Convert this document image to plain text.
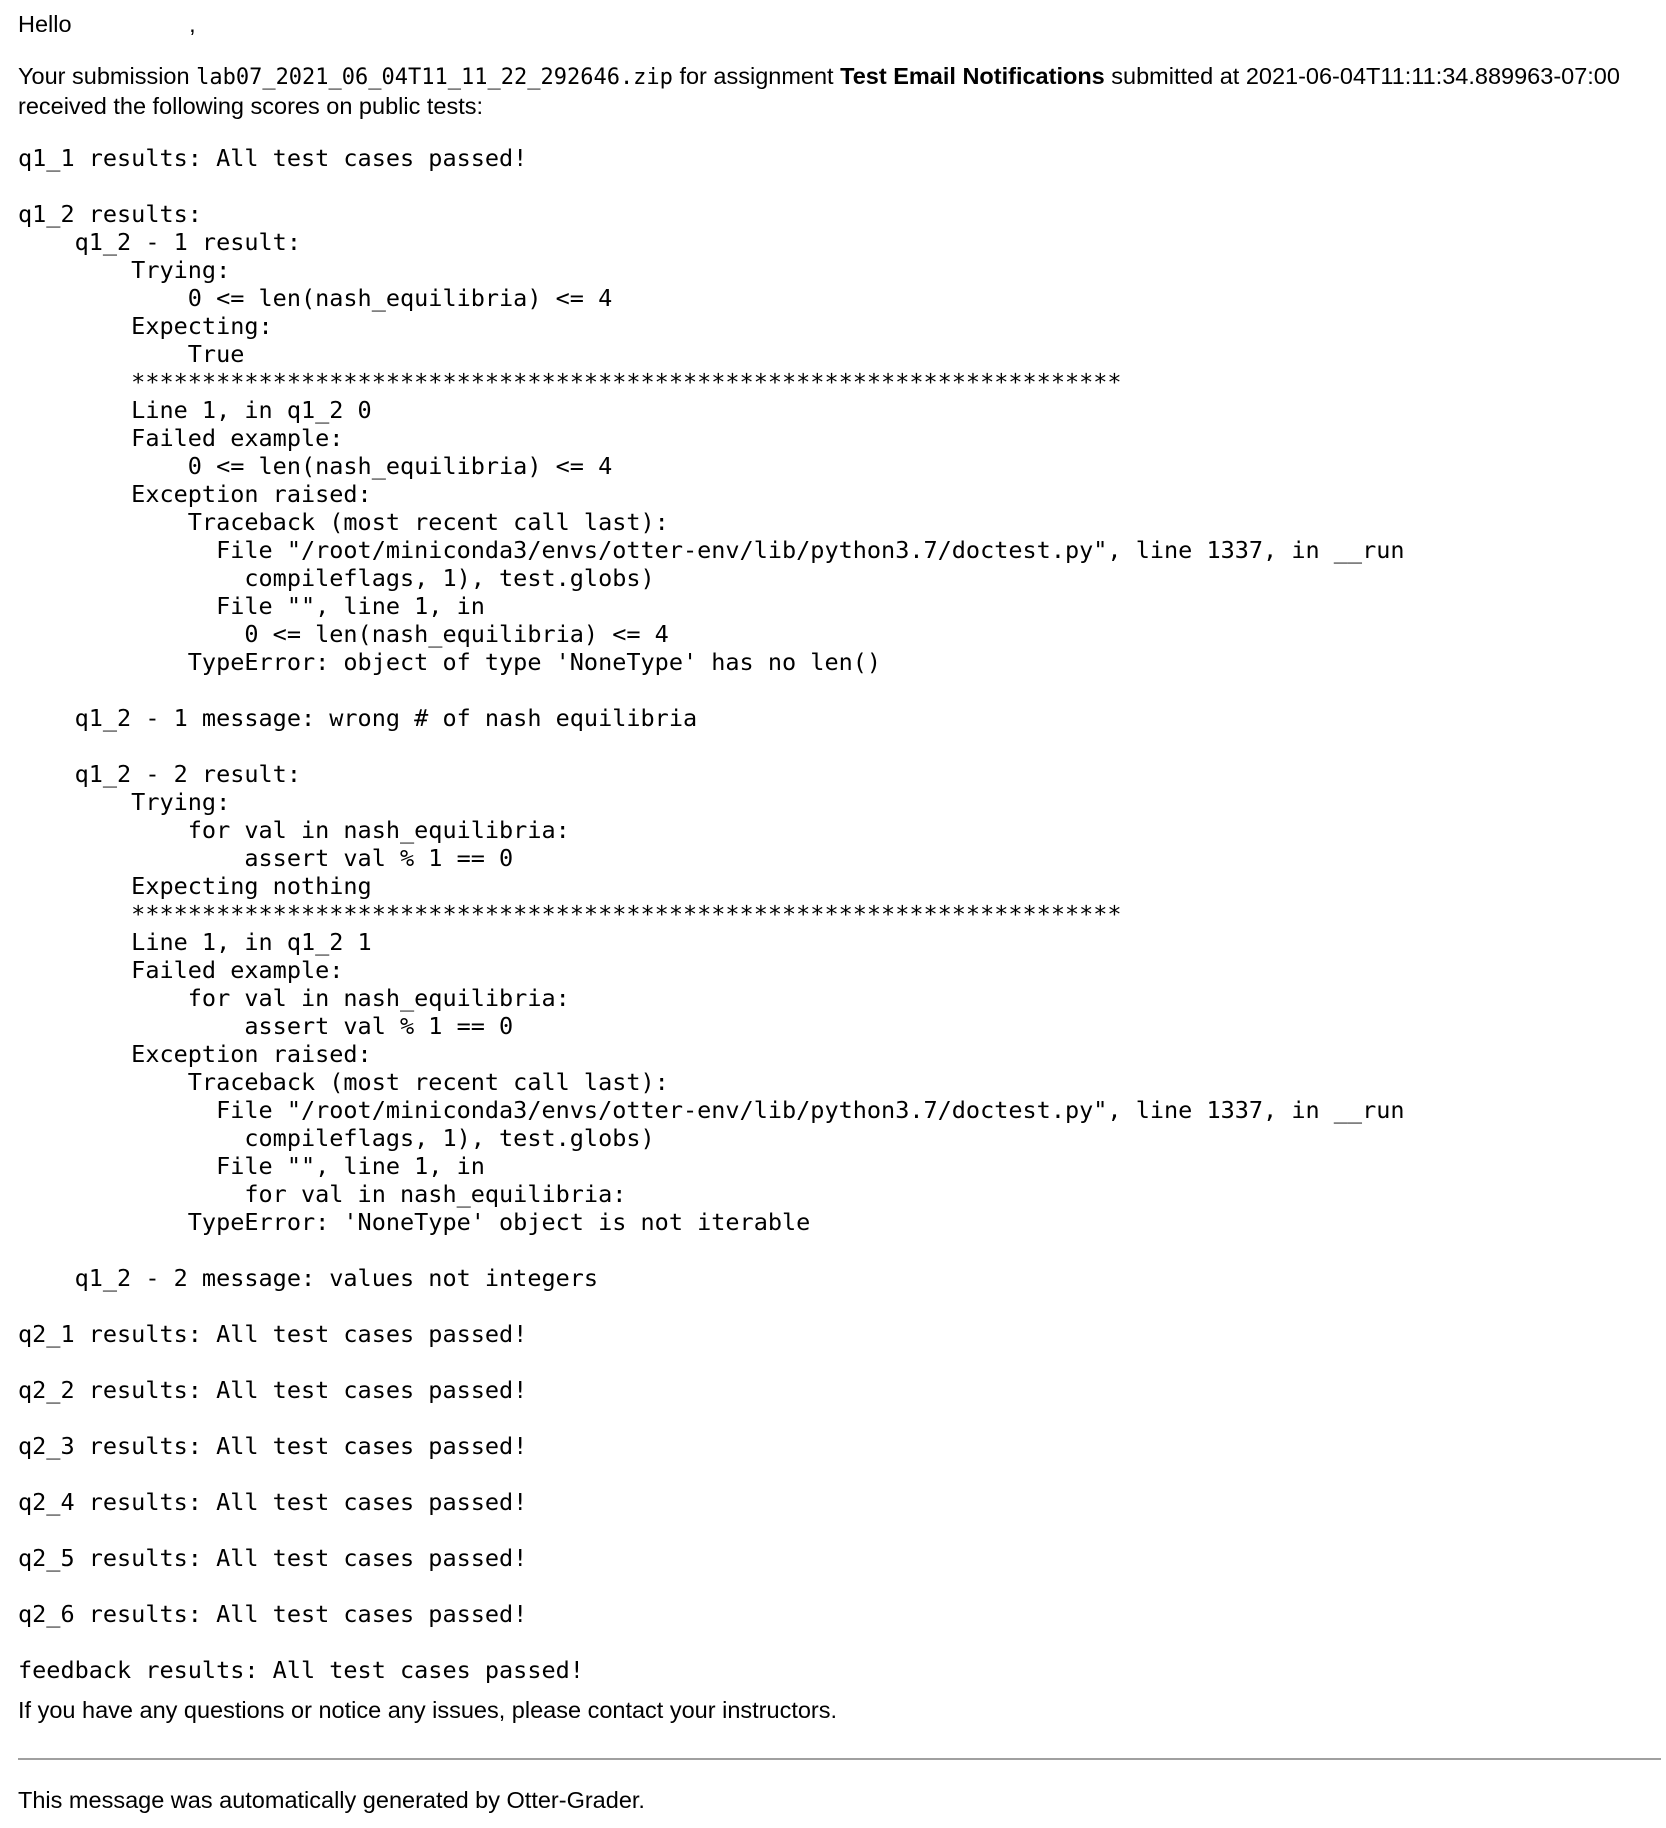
Hello                  ,

Your submission lab07_2021_06_04T11_11_22_292646.zip for assignment Test Email Notifications submitted at 2021-06-04T11:11:34.889963-07:00 received the following scores on public tests:

q1_1 results: All test cases passed!

q1_2 results:
q1_2 - 1 result:
Trying:
0 <= len(nash_equilibria) <= 4
Expecting:
True
**********************************************************************
Line 1, in q1_2 0
Failed example:
0 <= len(nash_equilibria) <= 4
Exception raised:
Traceback (most recent call last):
File "/root/miniconda3/envs/otter-env/lib/python3.7/doctest.py", line 1337, in __run
compileflags, 1), test.globs)
File "", line 1, in
0 <= len(nash_equilibria) <= 4
TypeError: object of type 'NoneType' has no len()

q1_2 - 1 message: wrong # of nash equilibria

q1_2 - 2 result:
Trying:
for val in nash_equilibria:
assert val % 1 == 0
Expecting nothing
**********************************************************************
Line 1, in q1_2 1
Failed example:
for val in nash_equilibria:
assert val % 1 == 0
Exception raised:
Traceback (most recent call last):
File "/root/miniconda3/envs/otter-env/lib/python3.7/doctest.py", line 1337, in __run
compileflags, 1), test.globs)
File "", line 1, in
for val in nash_equilibria:
TypeError: 'NoneType' object is not iterable

q1_2 - 2 message: values not integers

q2_1 results: All test cases passed!

q2_2 results: All test cases passed!

q2_3 results: All test cases passed!

q2_4 results: All test cases passed!

q2_5 results: All test cases passed!

q2_6 results: All test cases passed!

feedback results: All test cases passed!

If you have any questions or notice any issues, please contact your instructors.

This message was automatically generated by Otter-Grader.
